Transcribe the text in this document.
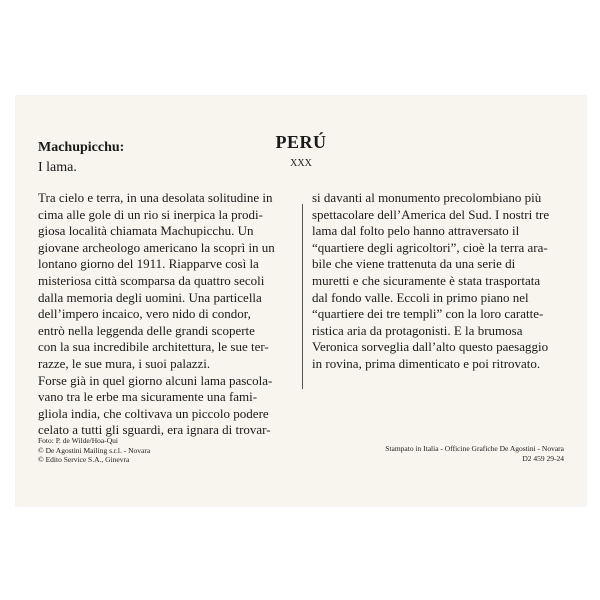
Machupicchu:
I lama.
PERÚ
XXX
Tra cielo e terra, in una desolata solitudine in
cima alle gole di un rio si inerpica la prodi-
giosa località chiamata Machupicchu. Un
giovane archeologo americano la scoprì in un
lontano giorno del 1911. Riapparve così la
misteriosa città scomparsa da quattro secoli
dalla memoria degli uomini. Una particella
dell’impero incaico, vero nido di condor,
entrò nella leggenda delle grandi scoperte
con la sua incredibile architettura, le sue ter-
razze, le sue mura, i suoi palazzi.
Forse già in quel giorno alcuni lama pascola-
vano tra le erbe ma sicuramente una fami-
gliola india, che coltivava un piccolo podere
celato a tutti gli sguardi, era ignara di trovar-
si davanti al monumento precolombiano più
spettacolare dell’America del Sud. I nostri tre
lama dal folto pelo hanno attraversato il
“quartiere degli agricoltori”, cioè la terra ara-
bile che viene trattenuta da una serie di
muretti e che sicuramente è stata trasportata
dal fondo valle. Eccoli in primo piano nel
“quartiere dei tre templi” con la loro caratte-
ristica aria da protagonisti. E la brumosa
Veronica sorveglia dall’alto questo paesaggio
in rovina, prima dimenticato e poi ritrovato.
Foto: P. de Wilde/Hoa-Qui
© De Agostini Mailing s.r.l. - Novara
© Edito Service S.A., Ginevra
Stampato in Italia - Officine Grafiche De Agostini - Novara
D2 459 29-24
